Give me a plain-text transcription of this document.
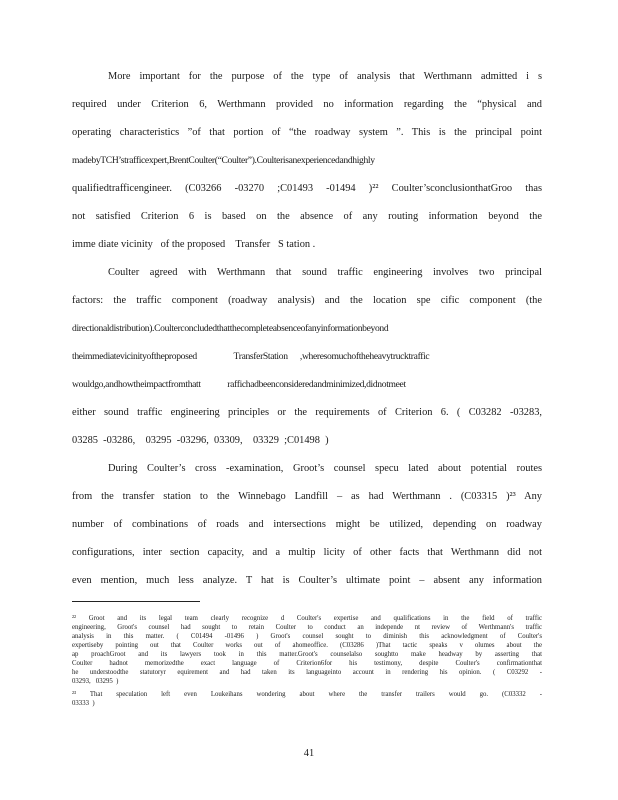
More important for the purpose of the type of analysis that Werthmann admitted i s
required under Criterion 6, Werthmann provided no information regarding the “physical and
operating characteristics ”of that portion of “the roadway system ”. This is the principal point
madebyTCH’strafficexpert,BrentCoulter(“Coulter”).Coulterisanexperiencedandhighly
qualifiedtrafficengineer. (C03266 -03270 ;C01493 -01494 )²² Coulter’sconclusionthatGroo thas
not satisfied Criterion 6 is based on the absence of any routing information beyond the
imme diate vicinity   of the proposed    Transfer   S tation .
Coulter agreed with Werthmann that sound traffic engineering involves two principal
factors: the traffic component (roadway analysis) and the location spe cific component (the
directionaldistribution).Coulterconcludedthatthecompleteabsenceofanyinformationbeyond
theimmediatevicinityoftheproposed                  TransferStation      ,wheresomuchoftheheavytrucktraffic
wouldgo,andhowtheimpactfromthatt             raffichadbeenconsideredandminimized,didnotmeet
either sound traffic engineering principles or the requirements of Criterion 6. ( C03282 -03283,
03285  -03286,    03295  -03296,  03309,    03329  ;C01498  )
During Coulter’s cross -examination, Groot’s counsel specu lated about potential routes
from the transfer station to the Winnebago Landfill – as had Werthmann . (C03315 )²³ Any
number of combinations of roads and intersections might be utilized, depending on roadway
configurations, inter section capacity, and a multip licity of other facts that Werthmann did not
even mention, much less analyze. T hat is Coulter’s ultimate point – absent any information
²² Groot and its legal team clearly recognize d Coulter's expertise and qualifications in the field of traffic
engineering, Groot's counsel had sought to retain Coulter to conduct an independe nt review of Werthmann's traffic
analysis in this matter. ( C01494 -01496 ) Groot's counsel sought to diminish this acknowledgment of Coulter's
expertiseby pointing out that Coulter works out of ahomeoffice. (C03286 )That tactic speaks v olumes about the
ap proachGroot and its lawyers took in this matter.Groot's counselalso soughtto make headway by asserting that
Coulter hadnot memorizedthe exact language of Criterion6for his testimony, despite Coulter's confirmationthat
he understoodthe statutoryr equirement and had taken its languageinto account in rendering his opinion. ( C03292 -
03293,   03295  )
²³ That speculation left even Loukeihans wondering about where the transfer trailers would go. (C03332 -
03333  )
41
